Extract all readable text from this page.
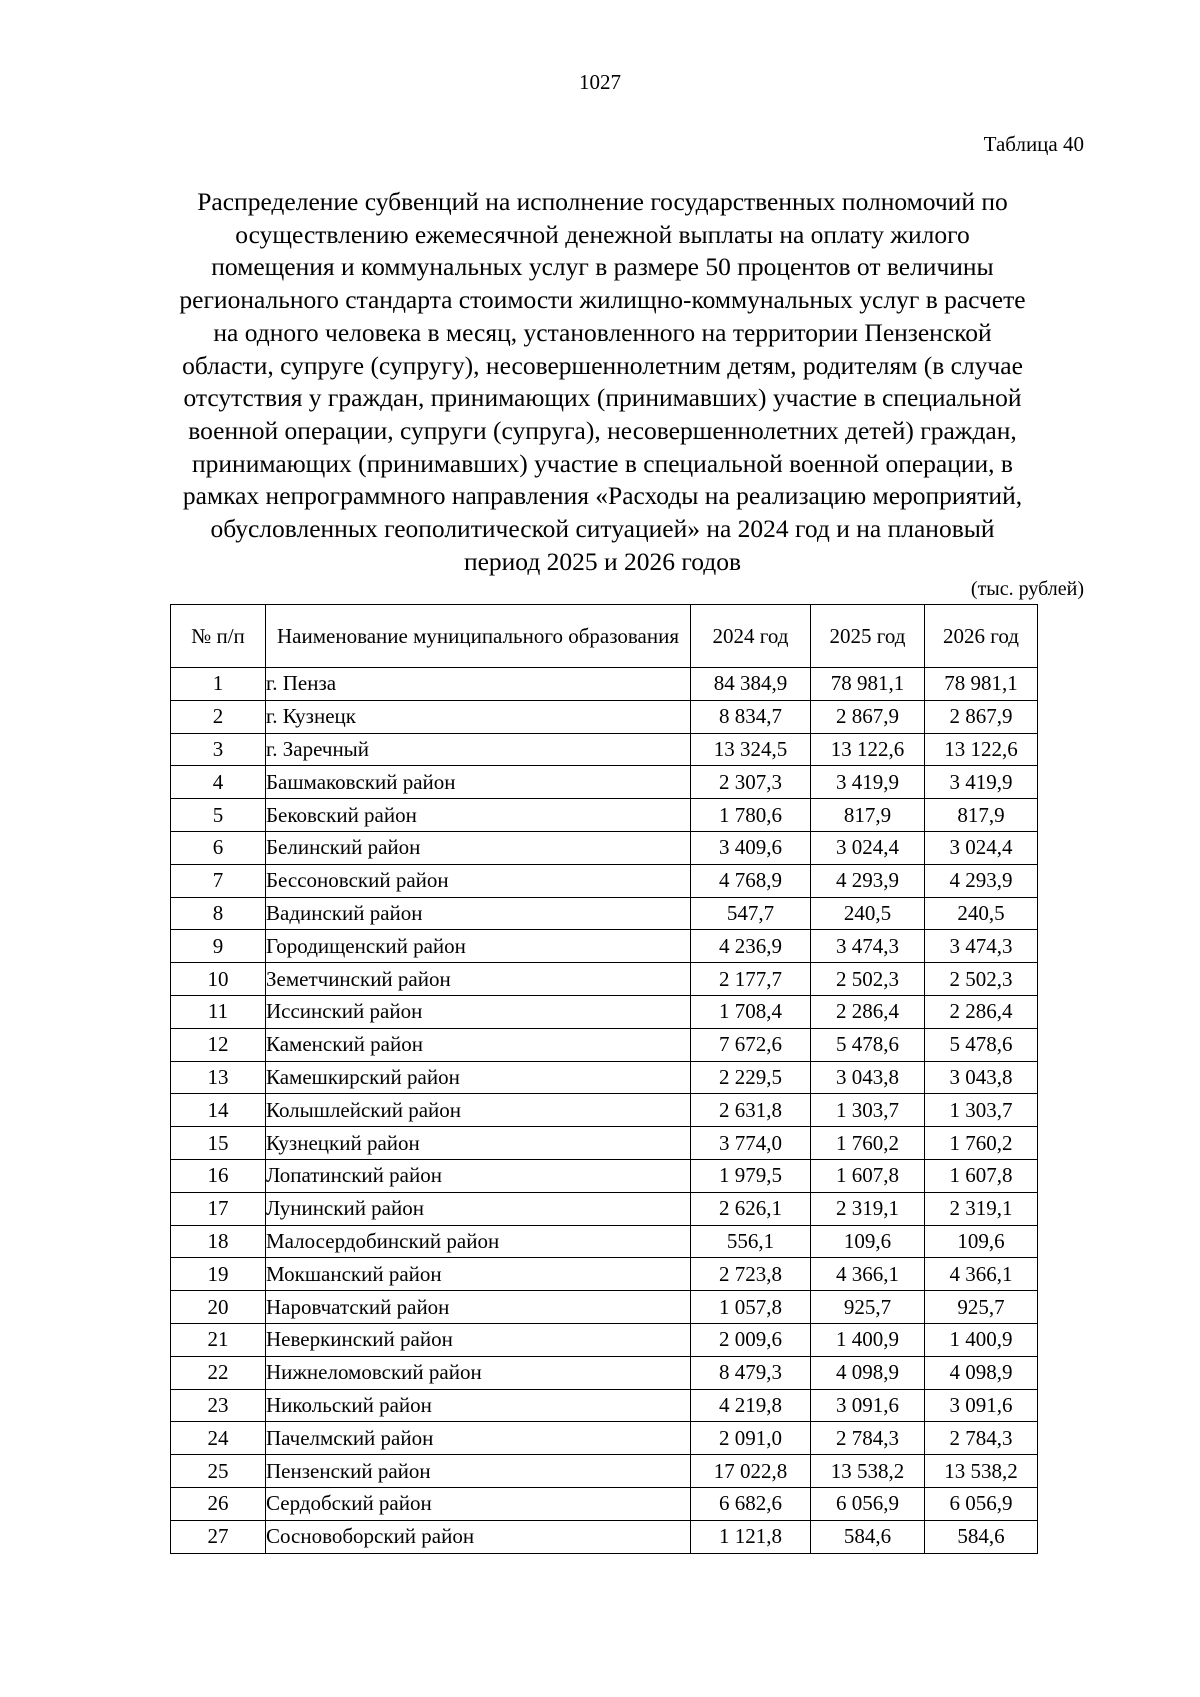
1027
Таблица 40
Распределение субвенций на исполнение государственных полномочий по
осуществлению ежемесячной денежной выплаты на оплату жилого
помещения и коммунальных услуг в размере 50 процентов от величины
регионального стандарта стоимости жилищно-коммунальных услуг в расчете
на одного человека в месяц, установленного на территории Пензенской
области, супруге (супругу), несовершеннолетним детям, родителям (в случае
отсутствия у граждан, принимающих (принимавших) участие в специальной
военной операции, супруги (супруга), несовершеннолетних детей) граждан,
принимающих (принимавших) участие в специальной военной операции, в
рамках непрограммного направления «Расходы на реализацию мероприятий,
обусловленных геополитической ситуацией» на 2024 год и на плановый
период 2025 и 2026 годов
(тыс. рублей)
№ п/п	Наименование муниципального образования	2024 год	2025 год	2026 год
1	г. Пенза	84 384,9	78 981,1	78 981,1
2	г. Кузнецк	8 834,7	2 867,9	2 867,9
3	г. Заречный	13 324,5	13 122,6	13 122,6
4	Башмаковский район	2 307,3	3 419,9	3 419,9
5	Бековский район	1 780,6	817,9	817,9
6	Белинский район	3 409,6	3 024,4	3 024,4
7	Бессоновский район	4 768,9	4 293,9	4 293,9
8	Вадинский район	547,7	240,5	240,5
9	Городищенский район	4 236,9	3 474,3	3 474,3
10	Земетчинский район	2 177,7	2 502,3	2 502,3
11	Иссинский район	1 708,4	2 286,4	2 286,4
12	Каменский район	7 672,6	5 478,6	5 478,6
13	Камешкирский район	2 229,5	3 043,8	3 043,8
14	Колышлейский район	2 631,8	1 303,7	1 303,7
15	Кузнецкий район	3 774,0	1 760,2	1 760,2
16	Лопатинский район	1 979,5	1 607,8	1 607,8
17	Лунинский район	2 626,1	2 319,1	2 319,1
18	Малосердобинский район	556,1	109,6	109,6
19	Мокшанский район	2 723,8	4 366,1	4 366,1
20	Наровчатский район	1 057,8	925,7	925,7
21	Неверкинский район	2 009,6	1 400,9	1 400,9
22	Нижнеломовский район	8 479,3	4 098,9	4 098,9
23	Никольский район	4 219,8	3 091,6	3 091,6
24	Пачелмский район	2 091,0	2 784,3	2 784,3
25	Пензенский район	17 022,8	13 538,2	13 538,2
26	Сердобский район	6 682,6	6 056,9	6 056,9
27	Сосновоборский район	1 121,8	584,6	584,6
